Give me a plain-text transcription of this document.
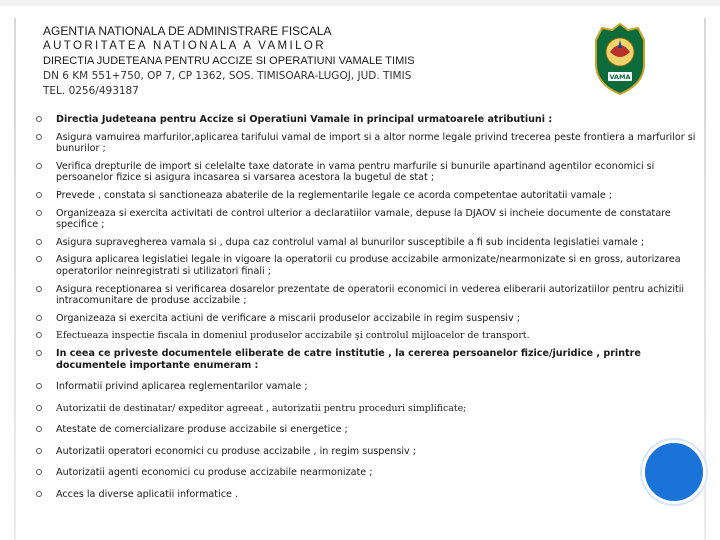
AGENTIA NATIONALA DE ADMINISTRARE FISCALA

AUTORITATEA NATIONALA A VAMILOR

DIRECTIA JUDETEANA PENTRU ACCIZE SI OPERATIUNI VAMALE TIMIS

DN 6 KM 551+750, OP 7, CP 1362, SOS. TIMISOARA-LUGOJ, JUD. TIMIS

TEL. 0256/493187

VAMA
Directia Judeteana pentru Accize si Operatiuni Vamale in principal urmatoarele atributiuni :
Asigura vamuirea marfurilor,aplicarea tarifului vamal de import si a altor norme legale privind trecerea peste frontiera a marfurilor si bunurilor ;
Verifica drepturile de import si celelalte taxe datorate in vama pentru marfurile si bunurile apartinand agentilor economici si persoanelor fizice si asigura incasarea si varsarea acestora la bugetul de stat ;
Prevede , constata si sanctioneaza abaterile de la reglementarile legale ce acorda competentae autoritatii vamale ;
Organizeaza si exercita activitati de control ulterior a declaratiilor vamale, depuse la DJAOV si incheie documente de constatare specifice ;
Asigura supravegherea vamala si , dupa caz controlul vamal al bunurilor susceptibile a fi sub incidenta legislatiei vamale ;
Asigura aplicarea legislatiei legale in vigoare la operatorii cu produse accizabile armonizate/nearmonizate si en gross, autorizarea operatorilor neinregistrati si utilizatori finali ;
Asigura receptionarea si verificarea dosarelor prezentate de operatorii economici in vederea eliberarii autorizatiilor pentru achizitii intracomunitare de produse accizabile ;
Organizeaza si exercita actiuni de verificare a miscarii produselor accizabile in regim suspensiv ;
Efectueaza inspectie fiscala in domeniul produselor accizabile şi controlul mijloacelor de transport.
In ceea ce priveste documentele eliberate de catre institutie , la cererea persoanelor fizice/juridice , printre documentele importante enumeram :
Informatii privind aplicarea reglementarilor vamale ;
Autorizatii de destinatar/ expeditor agreeat , autorizatii pentru proceduri simplificate;
Atestate de comercializare produse accizabile si energetice ;
Autorizatii operatori economici cu produse accizabile , in regim suspensiv ;
Autorizatii agenti economici cu produse accizabile nearmonizate ;
Acces la diverse aplicatii informatice .
